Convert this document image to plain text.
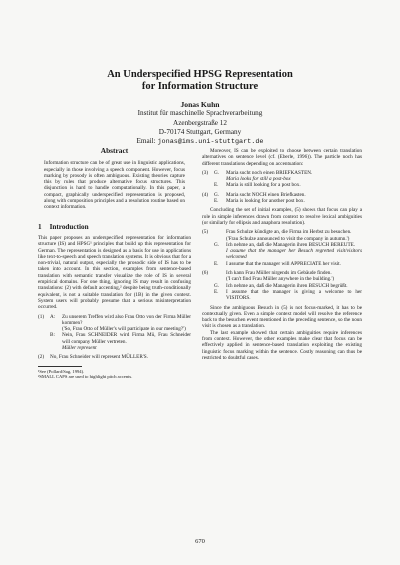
An Underspecified HPSG Representation
for Information Structure
Jonas Kuhn
Institut für maschinelle Sprachverarbeitung
Azenbergstraße 12
D-70174 Stuttgart, Germany
Email: jonas@ims.uni-stuttgart.de
Abstract

Information structure can be of great use in linguistic applications, especially in those involving a speech component. However, focus marking by prosody is often ambiguous. Existing theories capture this by rules that produce alternative focus structures. This disjunction is hard to handle computationally. In this paper, a compact, graphically underspecified representation is proposed, along with composition principles and a resolution routine based on context information.

1 Introduction

This paper proposes an underspecified representation for information structure (IS) and HPSG¹ principles that build up this representation for German. The representation is designed as a basis for use in applications like text-to-speech and speech translation systems. It is obvious that for a non-trivial, natural output, especially the prosodic side of IS has to be taken into account. In this section, examples from sentence-based translation with semantic transfer visualize the role of IS in several empirical domains. For one thing, ignoring IS may result in confusing translations: (2) with default accenting,² despite being truth-conditionally equivalent, is not a suitable translation for (1B) in the given context. System users will probably presume that a serious misinterpretation occurred.

(1)	A:	Zu unserem Treffen wird also Frau Otto von der Firma Müller kommen?
('So, Frau Otto of Müller's will participate in our meeting?')
B:	Nein, Frau SCHNEIDER wird Firma Mü, Frau Schneider will company Müller vertreten.
Müller represent
(2)	No, Frau Schneider will represent MÜLLER'S.
¹See (Pollard/Sag, 1994).
²SMALL CAPS are used to highlight pitch accents.

Moreover, IS can be exploited to choose between certain translation alternatives on sentence level (cf. (Eberle, 1996)). The particle noch has different translations depending on accentuation:

(3)	G.	Maria sucht noch einen BRIEFKASTEN.
Maria looks for still a post-box
E.	Maria is still looking for a post box.
(4)	G.	Maria sucht NOCH einen Briefkasten.
E.	Maria is looking for another post box.

Concluding the set of initial examples, (5) shows that focus can play a role in simple inferences drawn from context to resolve lexical ambiguities (or similarly for ellipsis and anaphora resolution).

(5)	Frau Schulze kündigte an, die Firma im Herbst zu besuchen.
('Frau Schulze announced to visit the company in autumn.')
G.	Ich nehme an, daß die Managerin ihren BESUCH BEREUTE.
I assume that the manager her Besuch regretted visit/visitors welcomed
E.	I assume that the manager will APPRECIATE her visit.
(6)	Ich kann Frau Müller nirgends im Gebäude finden.
('I can't find Frau Müller anywhere in the building.')
G.	Ich nehme an, daß die Managerin ihren BESUCH begrüßt.
E.	I assume that the manager is giving a welcome to her VISITORS.

Since the ambiguous Besuch in (5) is not focus-marked, it has to be contextually given. Even a simple context model will resolve the reference back to the besuchen event mentioned in the preceding sentence, so the noun visit is chosen as a translation.

The last example showed that certain ambiguities require inferences from context. However, the other examples make clear that focus can be effectively applied in sentence-based translation exploiting the existing linguistic focus marking within the sentence. Costly reasoning can thus be restricted to doubtful cases.

670
